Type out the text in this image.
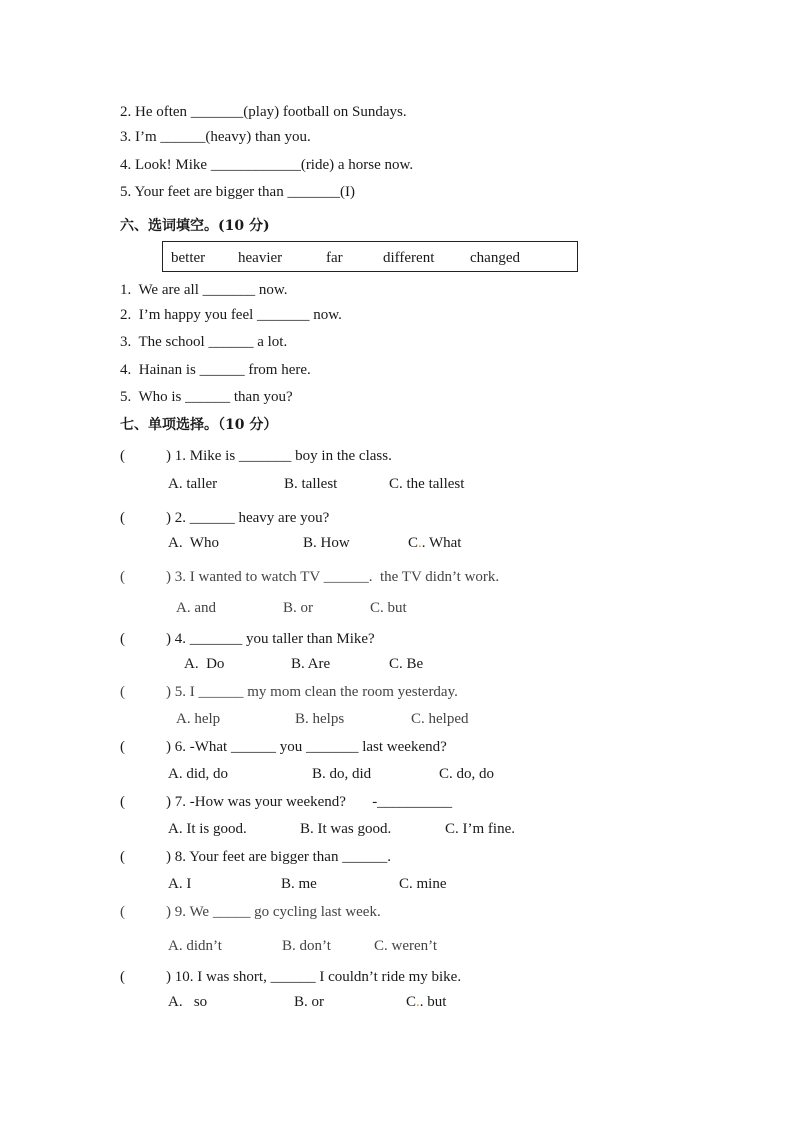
2. He often _______(play) football on Sundays.
3. I’m ______(heavy) than you.
4. Look! Mike ____________(ride) a horse now.
5. Your feet are bigger than _______(I)
六、选词填空。(10 分)
better heavier	far	different changed
1.  We are all _______ now.
2.  I’m happy you feel _______ now.
3.  The school ______ a lot.
4.  Hainan is ______ from here.
5.  Who is ______ than you?
七、单项选择。（10 分）
(	) 1. Mike is _______ boy in the class.
A. taller	B. tallest	C. the tallest
(	) 2. ______ heavy are you?
A.  Who	B. How	C.. What
(	) 3. I wanted to watch TV ______.  the TV didn’t work.
A. and	B. or	C. but
(	) 4. _______ you taller than Mike?
A.  Do	B. Are	C. Be
(	) 5. I ______ my mom clean the room yesterday.
A. help	B. helps	C. helped
(	) 6. -What ______ you _______ last weekend?
A. did, do	B. do, did	C. do, do
(	) 7. -How was your weekend?       -__________
A. It is good.	B. It was good.	C. I’m fine.
(	) 8. Your feet are bigger than ______.
A. I	B. me	C. mine
(	) 9. We _____ go cycling last week.
A. didn’t	B. don’t	C. weren’t
(	) 10. I was short, ______ I couldn’t ride my bike.
A.   so	B. or	C.. but
